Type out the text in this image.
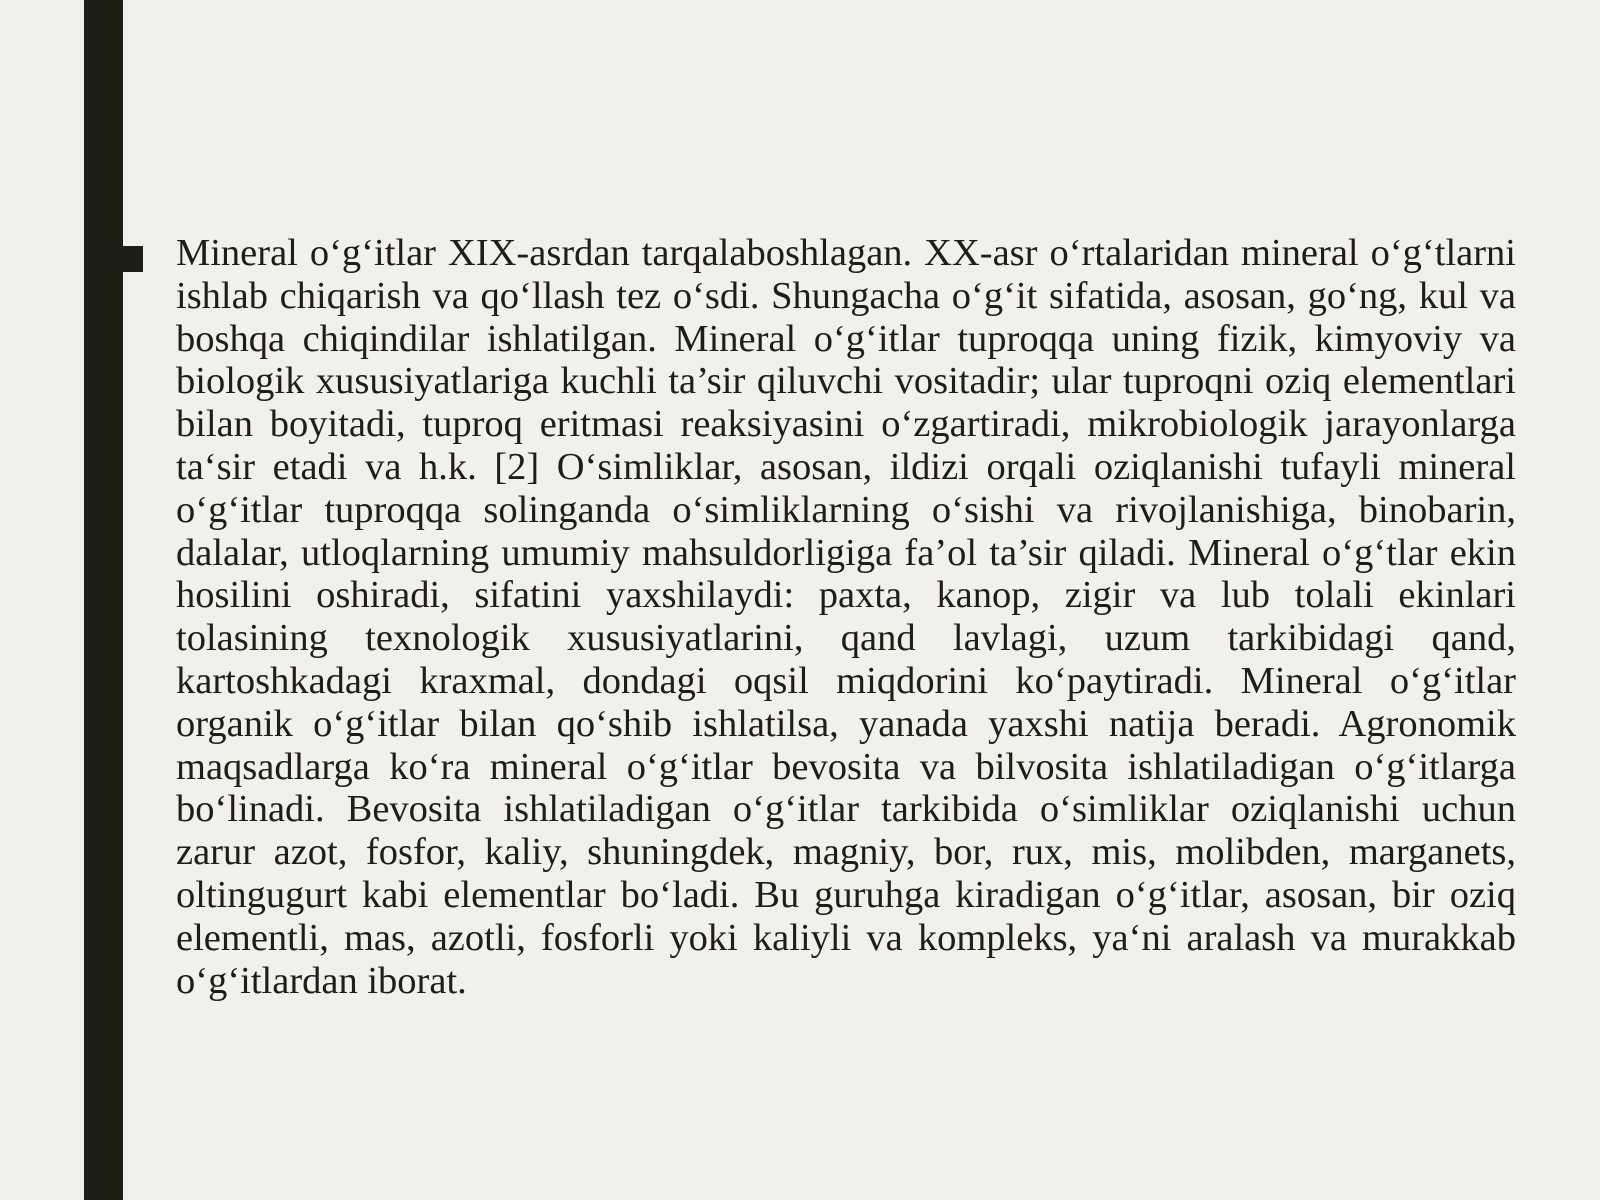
Mineral o‘g‘itlar XIX-asrdan tarqalaboshlagan. XX-asr o‘rtalaridan mineral o‘g‘tlarni ishlab chiqarish va qo‘llash tez o‘sdi. Shungacha o‘g‘it sifatida, asosan, go‘ng, kul va boshqa chiqindilar ishlatilgan. Mineral o‘g‘itlar tuproqqa uning fizik, kimyoviy va biologik xususiyatlariga kuchli ta’sir qiluvchi vositadir; ular tuproqni oziq elementlari bilan boyitadi, tuproq eritmasi reaksiyasini o‘zgartiradi, mikrobiologik jarayonlarga ta‘sir etadi va h.k. [2] O‘simliklar, asosan, ildizi orqali oziqlanishi tufayli mineral o‘g‘itlar tuproqqa solinganda o‘simliklarning o‘sishi va rivojlanishiga, binobarin, dalalar, utloqlarning umumiy mahsuldorligiga fa’ol ta’sir qiladi. Mineral o‘g‘tlar ekin hosilini oshiradi, sifatini yaxshilaydi: paxta, kanop, zigir va lub tolali ekinlari tolasining texnologik xususiyatlarini, qand lavlagi, uzum tarkibidagi qand, kartoshkadagi kraxmal, dondagi oqsil miqdorini ko‘paytiradi. Mineral o‘g‘itlar organik o‘g‘itlar bilan qo‘shib ishlatilsa, yanada yaxshi natija beradi. Agronomik maqsadlarga ko‘ra mineral o‘g‘itlar bevosita va bilvosita ishlatiladigan o‘g‘itlarga bo‘linadi. Bevosita ishlatiladigan o‘g‘itlar tarkibida o‘simliklar oziqlanishi uchun zarur azot, fosfor, kaliy, shuningdek, magniy, bor, rux, mis, molibden, marganets, oltingugurt kabi elementlar bo‘ladi. Bu guruhga kiradigan o‘g‘itlar, asosan, bir oziq elementli, mas, azotli, fosforli yoki kaliyli va kompleks, ya‘ni aralash va murakkab o‘g‘itlardan iborat.
